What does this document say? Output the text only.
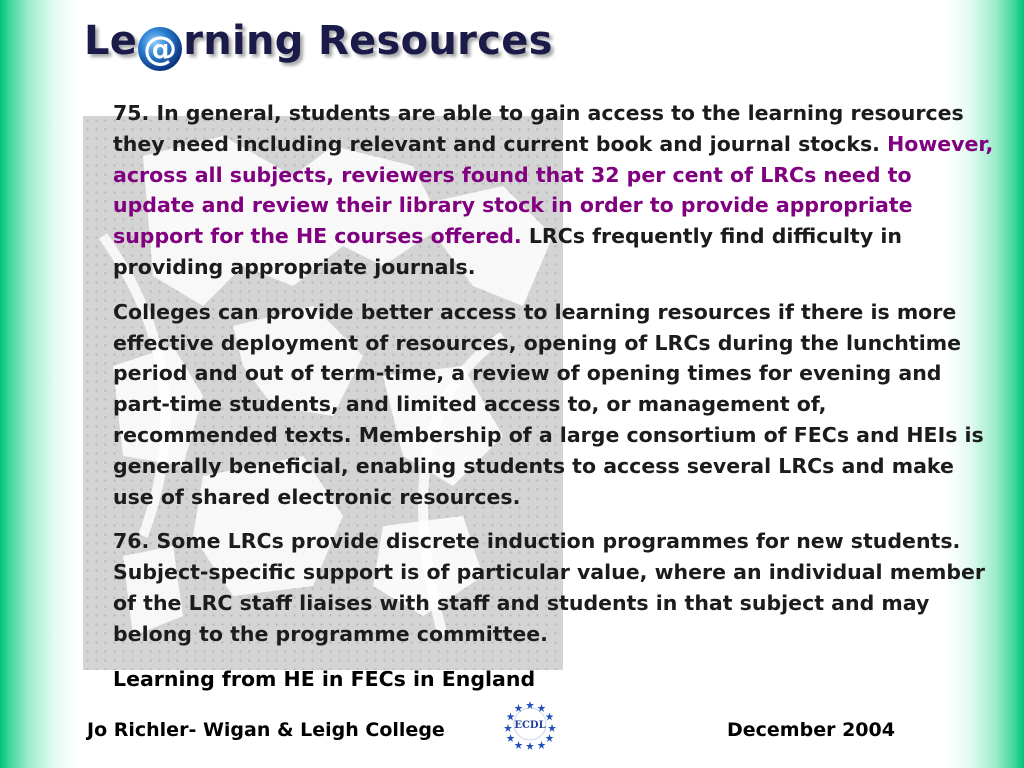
Le @ rning Resources

75. In general, students are able to gain access to the learning resources they need including relevant and current book and journal stocks. However, across all subjects, reviewers found that 32 per cent of LRCs need to update and review their library stock in order to provide appropriate support for the HE courses offered. LRCs frequently find difficulty in providing appropriate journals.

Colleges can provide better access to learning resources if there is more effective deployment of resources, opening of LRCs during the lunchtime period and out of term-time, a review of opening times for evening and part-time students, and limited access to, or management of, recommended texts. Membership of a large consortium of FECs and HEIs is generally beneficial, enabling students to access several LRCs and make use of shared electronic resources.

76. Some LRCs provide discrete induction programmes for new students. Subject-specific support is of particular value, where an individual member of the LRC staff liaises with staff and students in that subject and may belong to the programme committee.

Learning from HE in FECs in England

Jo Richler- Wigan & Leigh College	ECDL	December 2004
